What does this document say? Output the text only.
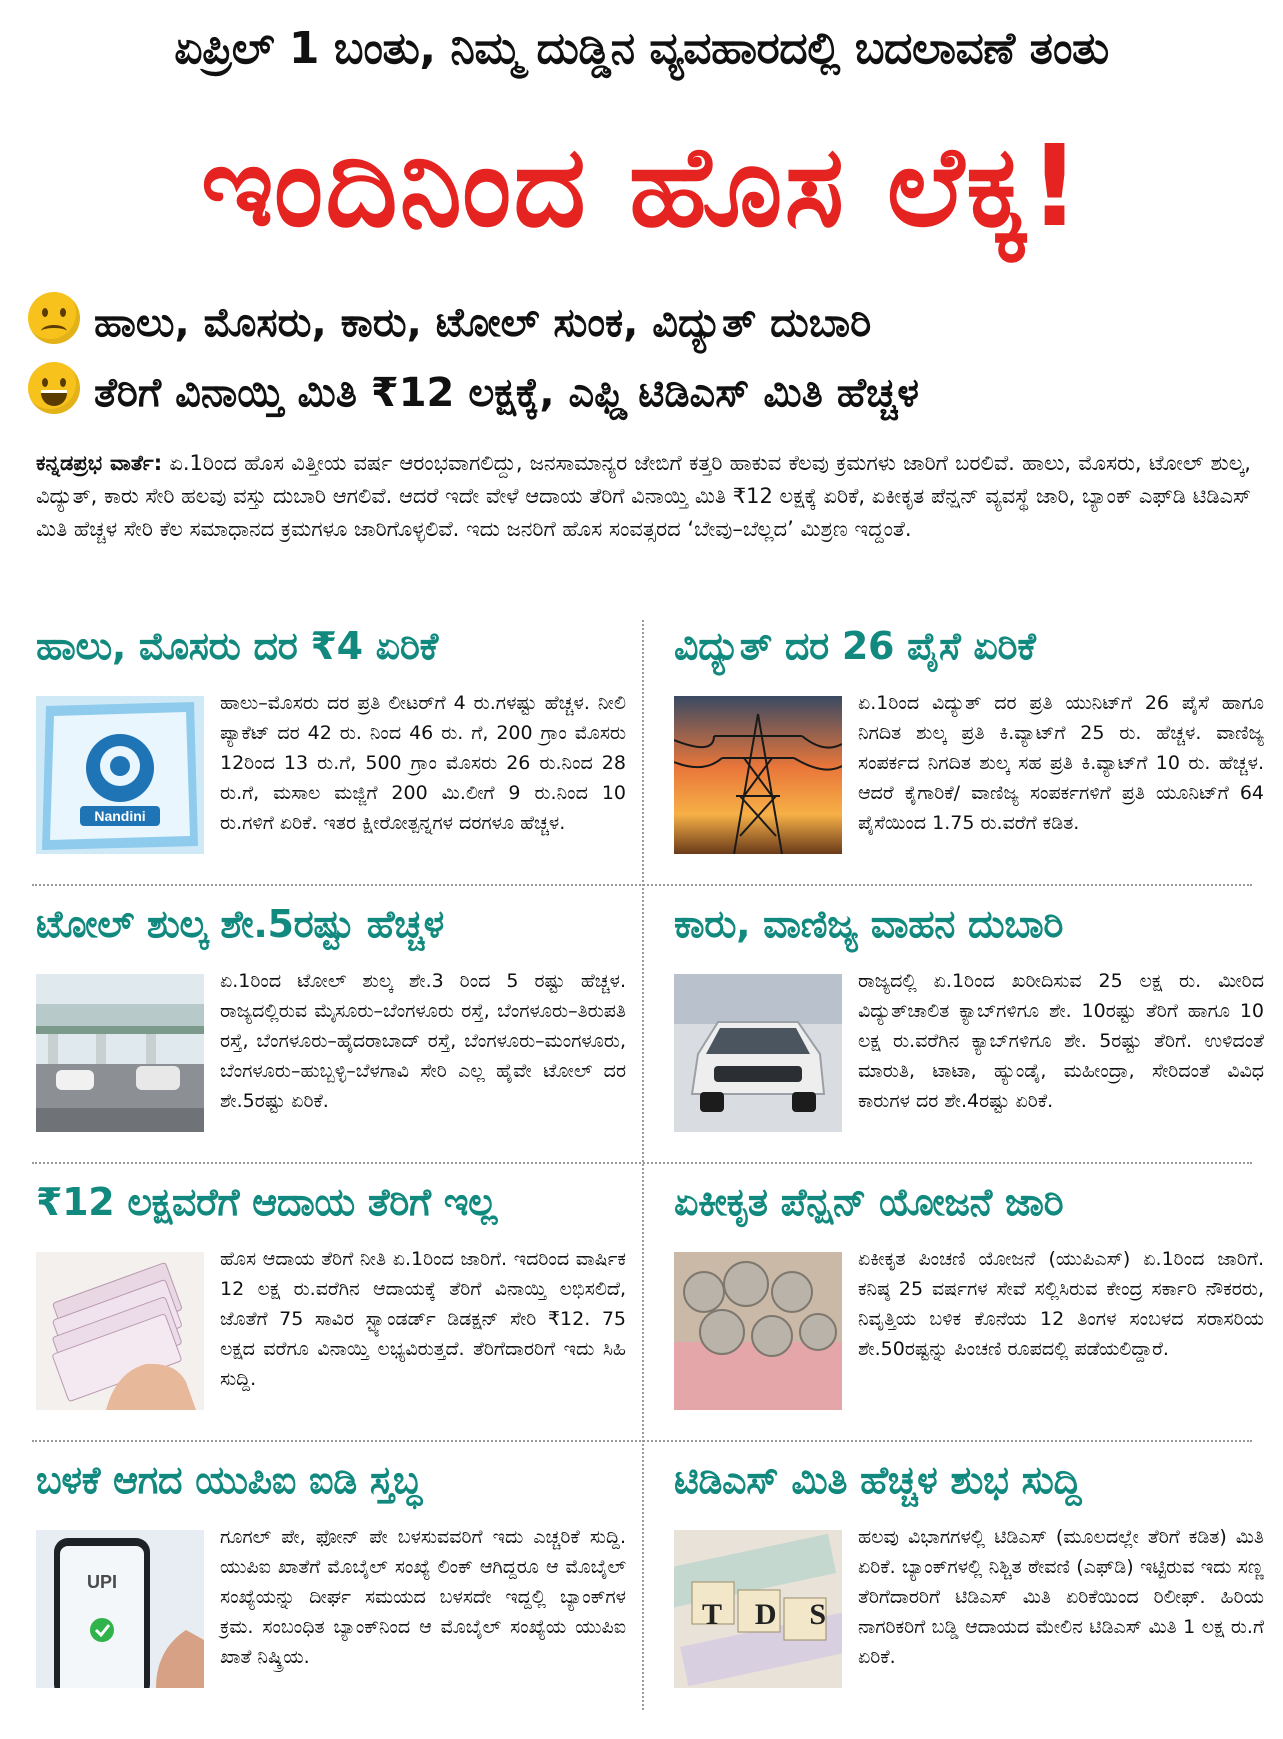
ಏಪ್ರಿಲ್ 1 ಬಂತು, ನಿಮ್ಮ ದುಡ್ಡಿನ ವ್ಯವಹಾರದಲ್ಲಿ ಬದಲಾವಣೆ ತಂತು
ಇಂದಿನಿಂದ ಹೊಸ ಲೆಕ್ಕ!
ಹಾಲು, ಮೊಸರು, ಕಾರು, ಟೋಲ್ ಸುಂಕ, ವಿದ್ಯುತ್ ದುಬಾರಿ
ತೆರಿಗೆ ವಿನಾಯ್ತಿ ಮಿತಿ ₹12 ಲಕ್ಷಕ್ಕೆ, ಎಫ್ಡಿ ಟಿಡಿಎಸ್ ಮಿತಿ ಹೆಚ್ಚಳ
ಕನ್ನಡಪ್ರಭ ವಾರ್ತೆ: ಏ.1ರಿಂದ ಹೊಸ ವಿತ್ತೀಯ ವರ್ಷ ಆರಂಭವಾಗಲಿದ್ದು, ಜನಸಾಮಾನ್ಯರ ಜೇಬಿಗೆ ಕತ್ತರಿ ಹಾಕುವ ಕೆಲವು ಕ್ರಮಗಳು ಜಾರಿಗೆ ಬರಲಿವೆ. ಹಾಲು, ಮೊಸರು, ಟೋಲ್ ಶುಲ್ಕ, ವಿದ್ಯುತ್, ಕಾರು ಸೇರಿ ಹಲವು ವಸ್ತು ದುಬಾರಿ ಆಗಲಿವೆ. ಆದರೆ ಇದೇ ವೇಳೆ ಆದಾಯ ತೆರಿಗೆ ವಿನಾಯ್ತಿ ಮಿತಿ ₹12 ಲಕ್ಷಕ್ಕೆ ಏರಿಕೆ, ಏಕೀಕೃತ ಪೆನ್ಷನ್ ವ್ಯವಸ್ಥೆ ಜಾರಿ, ಬ್ಯಾಂಕ್ ಎಫ್‌ಡಿ ಟಿಡಿಎಸ್ ಮಿತಿ ಹೆಚ್ಚಳ ಸೇರಿ ಕೆಲ ಸಮಾಧಾನದ ಕ್ರಮಗಳೂ ಜಾರಿಗೊಳ್ಳಲಿವೆ. ಇದು ಜನರಿಗೆ ಹೊಸ ಸಂವತ್ಸರದ ‘ಬೇವು–ಬೆಲ್ಲದ’ ಮಿಶ್ರಣ ಇದ್ದಂತೆ.
ಹಾಲು, ಮೊಸರು ದರ ₹4 ಏರಿಕೆ
Nandini
ಹಾಲು–ಮೊಸರು ದರ ಪ್ರತಿ ಲೀಟರ್‌ಗೆ 4 ರು.ಗಳಷ್ಟು ಹೆಚ್ಚಳ. ನೀಲಿ ಪ್ಯಾಕೆಟ್ ದರ 42 ರು. ನಿಂದ 46 ರು. ಗೆ, 200 ಗ್ರಾಂ ಮೊಸರು 12ರಿಂದ 13 ರು.ಗೆ, 500 ಗ್ರಾಂ ಮೊಸರು 26 ರು.ನಿಂದ 28 ರು.ಗೆ, ಮಸಾಲ ಮಜ್ಜಿಗೆ 200 ಮಿ.ಲೀಗೆ 9 ರು.ನಿಂದ 10 ರು.ಗಳಿಗೆ ಏರಿಕೆ. ಇತರ ಕ್ಷೀರೋತ್ಪನ್ನಗಳ ದರಗಳೂ ಹೆಚ್ಚಳ.
ವಿದ್ಯುತ್ ದರ 26 ಪೈಸೆ ಏರಿಕೆ
ಏ.1ರಿಂದ ವಿದ್ಯುತ್ ದರ ಪ್ರತಿ ಯುನಿಟ್‌ಗೆ 26 ಪೈಸೆ ಹಾಗೂ ನಿಗದಿತ ಶುಲ್ಕ ಪ್ರತಿ ಕಿ.ವ್ಯಾಟ್‌ಗೆ 25 ರು. ಹೆಚ್ಚಳ. ವಾಣಿಜ್ಯ ಸಂಪರ್ಕದ ನಿಗದಿತ ಶುಲ್ಕ ಸಹ ಪ್ರತಿ ಕಿ.ವ್ಯಾಟ್‌ಗೆ 10 ರು. ಹೆಚ್ಚಳ. ಆದರೆ ಕೈಗಾರಿಕೆ/ ವಾಣಿಜ್ಯ ಸಂಪರ್ಕಗಳಿಗೆ ಪ್ರತಿ ಯೂನಿಟ್‌ಗೆ 64 ಪೈಸೆಯಿಂದ 1.75 ರು.ವರೆಗೆ ಕಡಿತ.
ಟೋಲ್ ಶುಲ್ಕ ಶೇ.5ರಷ್ಟು ಹೆಚ್ಚಳ
ಏ.1ರಿಂದ ಟೋಲ್ ಶುಲ್ಕ ಶೇ.3 ರಿಂದ 5 ರಷ್ಟು ಹೆಚ್ಚಳ. ರಾಜ್ಯದಲ್ಲಿರುವ ಮೈಸೂರು–ಬೆಂಗಳೂರು ರಸ್ತೆ, ಬೆಂಗಳೂರು–ತಿರುಪತಿ ರಸ್ತೆ, ಬೆಂಗಳೂರು–ಹೈದರಾಬಾದ್ ರಸ್ತೆ, ಬೆಂಗಳೂರು–ಮಂಗಳೂರು, ಬೆಂಗಳೂರು–ಹುಬ್ಬಳ್ಳಿ–ಬೆಳಗಾವಿ ಸೇರಿ ಎಲ್ಲ ಹೈವೇ ಟೋಲ್ ದರ ಶೇ.5ರಷ್ಟು ಏರಿಕೆ.
ಕಾರು, ವಾಣಿಜ್ಯ ವಾಹನ ದುಬಾರಿ
ರಾಜ್ಯದಲ್ಲಿ ಏ.1ರಿಂದ ಖರೀದಿಸುವ 25 ಲಕ್ಷ ರು. ಮೀರಿದ ವಿದ್ಯುತ್‌ಚಾಲಿತ ಕ್ಯಾಬ್‌ಗಳಿಗೂ ಶೇ. 10ರಷ್ಟು ತೆರಿಗೆ ಹಾಗೂ 10 ಲಕ್ಷ ರು.ವರೆಗಿನ ಕ್ಯಾಬ್‌ಗಳಿಗೂ ಶೇ. 5ರಷ್ಟು ತೆರಿಗೆ. ಉಳಿದಂತೆ ಮಾರುತಿ, ಟಾಟಾ, ಹ್ಯುಂಡೈ, ಮಹೀಂದ್ರಾ, ಸೇರಿದಂತೆ ವಿವಿಧ ಕಾರುಗಳ ದರ ಶೇ.4ರಷ್ಟು ಏರಿಕೆ.
₹12 ಲಕ್ಷವರೆಗೆ ಆದಾಯ ತೆರಿಗೆ ಇಲ್ಲ
ಹೊಸ ಆದಾಯ ತೆರಿಗೆ ನೀತಿ ಏ.1ರಿಂದ ಜಾರಿಗೆ. ಇದರಿಂದ ವಾರ್ಷಿಕ 12 ಲಕ್ಷ ರು.ವರೆಗಿನ ಆದಾಯಕ್ಕೆ ತೆರಿಗೆ ವಿನಾಯ್ತಿ ಲಭಿಸಲಿದೆ, ಜೊತೆಗೆ 75 ಸಾವಿರ ಸ್ಟ್ಯಾಂಡರ್ಡ್ ಡಿಡಕ್ಷನ್ ಸೇರಿ ₹12. 75 ಲಕ್ಷದ ವರೆಗೂ ವಿನಾಯ್ತಿ ಲಭ್ಯವಿರುತ್ತದೆ. ತೆರಿಗೆದಾರರಿಗೆ ಇದು ಸಿಹಿ ಸುದ್ದಿ.
ಏಕೀಕೃತ ಪೆನ್ಷನ್ ಯೋಜನೆ ಜಾರಿ
ಏಕೀಕೃತ ಪಿಂಚಣಿ ಯೋಜನೆ (ಯುಪಿಎಸ್) ಏ.1ರಿಂದ ಜಾರಿಗೆ. ಕನಿಷ್ಠ 25 ವರ್ಷಗಳ ಸೇವೆ ಸಲ್ಲಿಸಿರುವ ಕೇಂದ್ರ ಸರ್ಕಾರಿ ನೌಕರರು, ನಿವೃತ್ತಿಯ ಬಳಿಕ ಕೊನೆಯ 12 ತಿಂಗಳ ಸಂಬಳದ ಸರಾಸರಿಯ ಶೇ.50ರಷ್ಟನ್ನು ಪಿಂಚಣಿ ರೂಪದಲ್ಲಿ ಪಡೆಯಲಿದ್ದಾರೆ.
ಬಳಕೆ ಆಗದ ಯುಪಿಐ ಐಡಿ ಸ್ತಬ್ಧ
UPI
ಗೂಗಲ್ ಪೇ, ಫೋನ್ ಪೇ ಬಳಸುವವರಿಗೆ ಇದು ಎಚ್ಚರಿಕೆ ಸುದ್ದಿ. ಯುಪಿಐ ಖಾತೆಗೆ ಮೊಬೈಲ್ ಸಂಖ್ಯೆ ಲಿಂಕ್ ಆಗಿದ್ದರೂ ಆ ಮೊಬೈಲ್ ಸಂಖ್ಯೆಯನ್ನು ದೀರ್ಘ ಸಮಯದ ಬಳಸದೇ ಇದ್ದಲ್ಲಿ ಬ್ಯಾಂಕ್‌ಗಳ ಕ್ರಮ. ಸಂಬಂಧಿತ ಬ್ಯಾಂಕ್‌ನಿಂದ ಆ ಮೊಬೈಲ್ ಸಂಖ್ಯೆಯ ಯುಪಿಐ ಖಾತೆ ನಿಷ್ಕ್ರಿಯ.
ಟಿಡಿಎಸ್ ಮಿತಿ ಹೆಚ್ಚಳ ಶುಭ ಸುದ್ದಿ
TDS
ಹಲವು ವಿಭಾಗಗಳಲ್ಲಿ ಟಿಡಿಎಸ್ (ಮೂಲದಲ್ಲೇ ತೆರಿಗೆ ಕಡಿತ) ಮಿತಿ ಏರಿಕೆ. ಬ್ಯಾಂಕ್‌ಗಳಲ್ಲಿ ನಿಶ್ಚಿತ ಠೇವಣಿ (ಎಫ್‌ಡಿ) ಇಟ್ಟಿರುವ ಇದು ಸಣ್ಣ ತೆರಿಗೆದಾರರಿಗೆ ಟಿಡಿಎಸ್ ಮಿತಿ ಏರಿಕೆಯಿಂದ ರಿಲೀಫ್. ಹಿರಿಯ ನಾಗರಿಕರಿಗೆ ಬಡ್ಡಿ ಆದಾಯದ ಮೇಲಿನ ಟಿಡಿಎಸ್ ಮಿತಿ 1 ಲಕ್ಷ ರು.ಗೆ ಏರಿಕೆ.
